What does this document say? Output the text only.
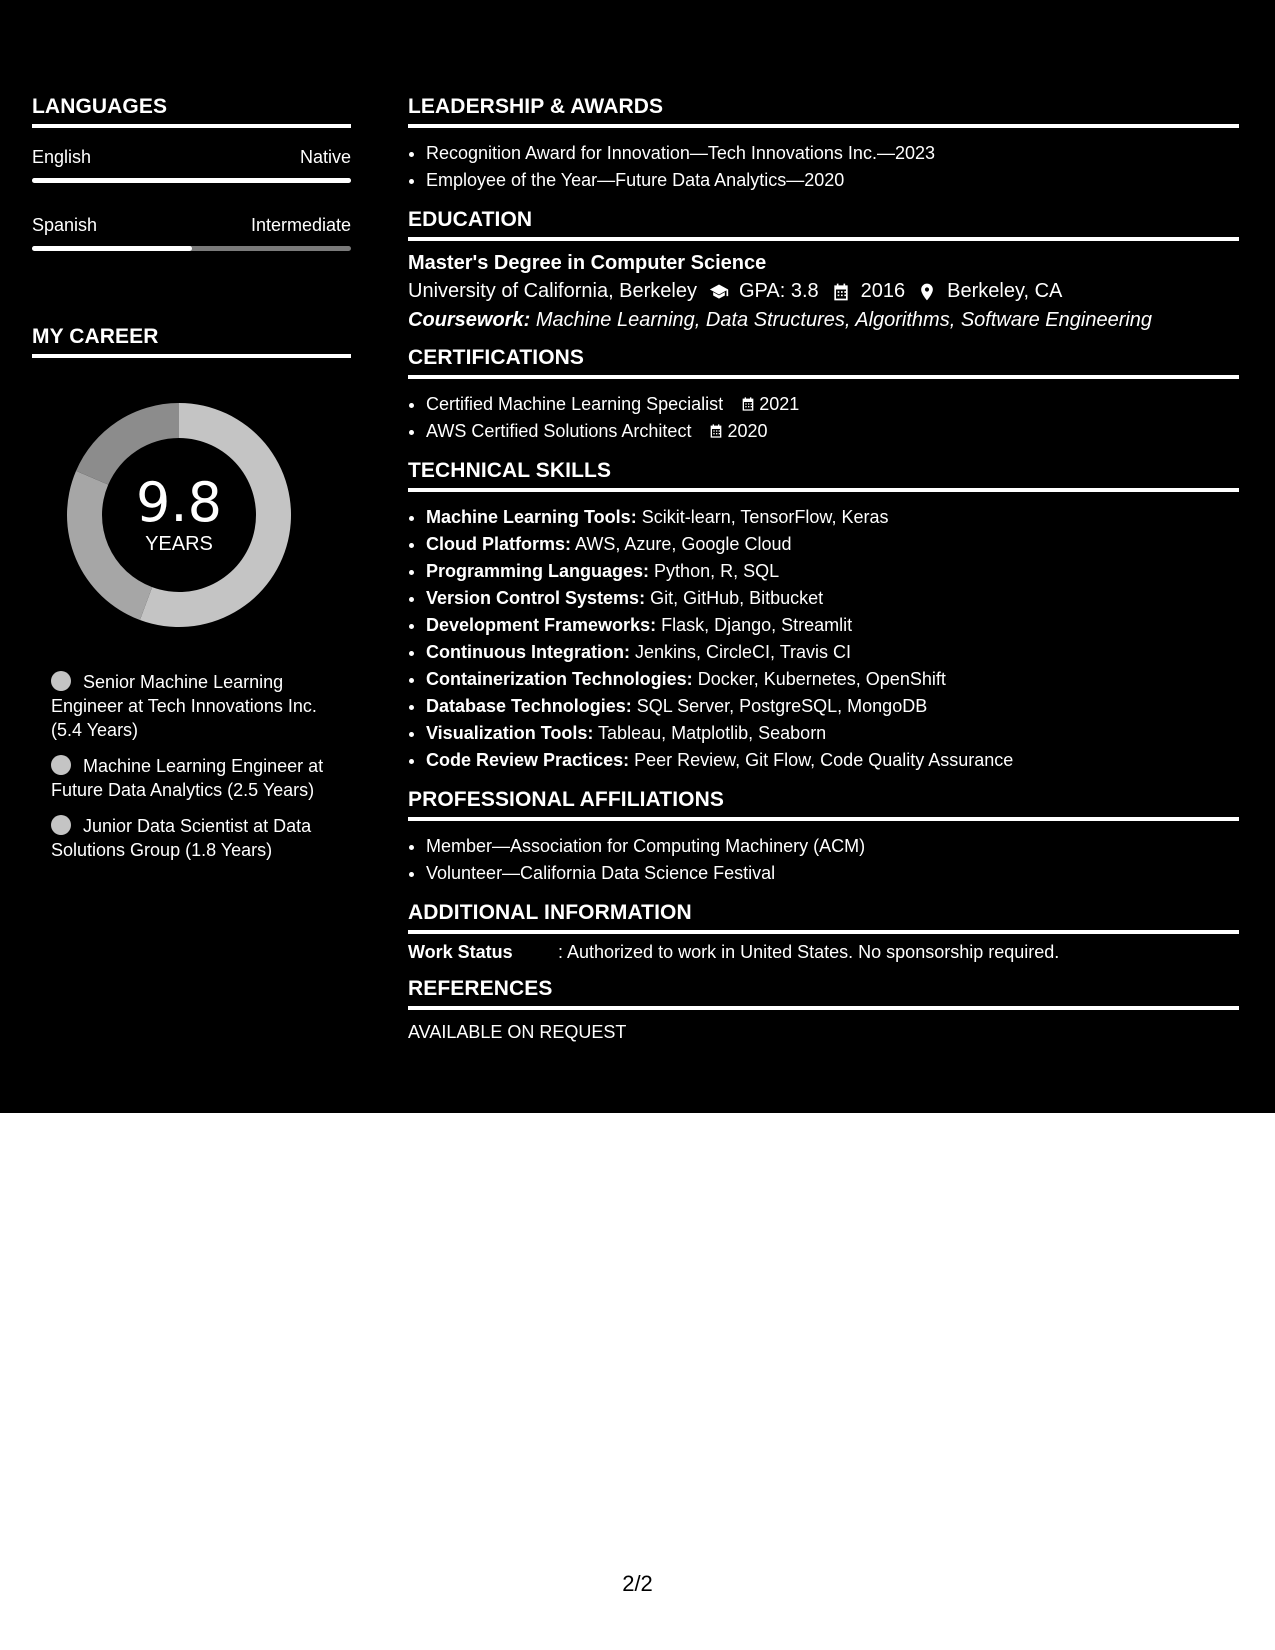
LANGUAGES
English	Native
Spanish	Intermediate
MY CAREER
9.8
YEARS
Senior Machine Learning Engineer at Tech Innovations Inc. (5.4 Years)
Machine Learning Engineer at Future Data Analytics (2.5 Years)
Junior Data Scientist at Data Solutions Group (1.8 Years)
LEADERSHIP & AWARDS
• Recognition Award for Innovation—Tech Innovations Inc.—2023
• Employee of the Year—Future Data Analytics—2020
EDUCATION
Master's Degree in Computer Science
University of California, Berkeley GPA: 3.8 2016 Berkeley, CA
Coursework: Machine Learning, Data Structures, Algorithms, Software Engineering
CERTIFICATIONS
• Certified Machine Learning Specialist 2021
• AWS Certified Solutions Architect 2020
TECHNICAL SKILLS
• Machine Learning Tools: Scikit-learn, TensorFlow, Keras
• Cloud Platforms: AWS, Azure, Google Cloud
• Programming Languages: Python, R, SQL
• Version Control Systems: Git, GitHub, Bitbucket
• Development Frameworks: Flask, Django, Streamlit
• Continuous Integration: Jenkins, CircleCI, Travis CI
• Containerization Technologies: Docker, Kubernetes, OpenShift
• Database Technologies: SQL Server, PostgreSQL, MongoDB
• Visualization Tools: Tableau, Matplotlib, Seaborn
• Code Review Practices: Peer Review, Git Flow, Code Quality Assurance
PROFESSIONAL AFFILIATIONS
• Member—Association for Computing Machinery (ACM)
• Volunteer—California Data Science Festival
ADDITIONAL INFORMATION
Work Status	: Authorized to work in United States. No sponsorship required.
REFERENCES
AVAILABLE ON REQUEST
2/2
